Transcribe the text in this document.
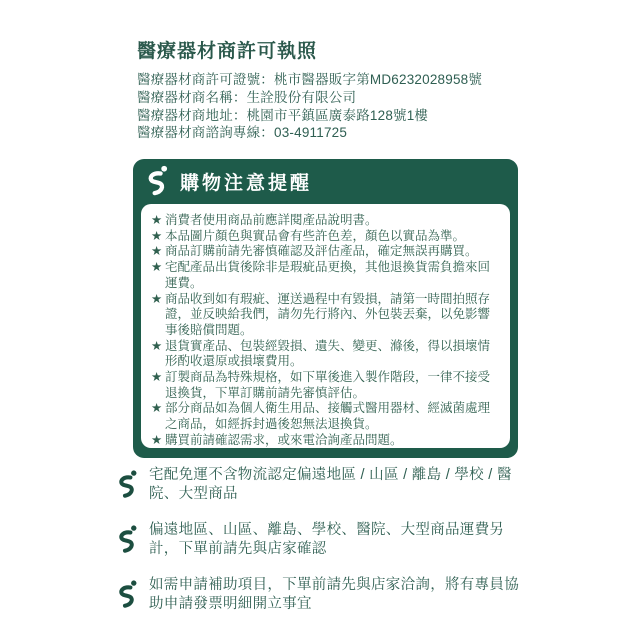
醫療器材商許可執照
醫療器材商許可證號：桃市醫器販字第MD6232028958號
醫療器材商名稱：生詮股份有限公司
醫療器材商地址：桃園市平鎮區廣泰路128號1樓
醫療器材商諮詢專線：03-4911725
購物注意提醒
★ 消費者使用商品前應詳閱產品說明書。
★ 本品圖片顏色與實品會有些許色差，顏色以實品為準。
★ 商品訂購前請先審慎確認及評估產品，確定無誤再購買。
★ 宅配產品出貨後除非是瑕疵品更換，其他退換貨需負擔來回運費。
★ 商品收到如有瑕疵、運送過程中有毀損，請第一時間拍照存證，並反映給我們，請勿先行將內、外包裝丟棄，以免影響事後賠償問題。
★ 退貨實產品、包裝經毀損、遺失、變更、滌後，得以損壞情形酌收還原或損壞費用。
★ 訂製商品為特殊規格，如下單後進入製作階段，一律不接受退換貨，下單訂購前請先審慎評估。
★ 部分商品如為個人衛生用品、接觸式醫用器材、經滅菌處理之商品，如經拆封過後恕無法退換貨。
★ 購買前請確認需求，或來電洽詢產品問題。
宅配免運不含物流認定偏遠地區 / 山區 / 離島 / 學校 / 醫院、大型商品
偏遠地區、山區、離島、學校、醫院、大型商品運費另計，下單前請先與店家確認
如需申請補助項目，下單前請先與店家洽詢，將有專員協助申請發票明細開立事宜
